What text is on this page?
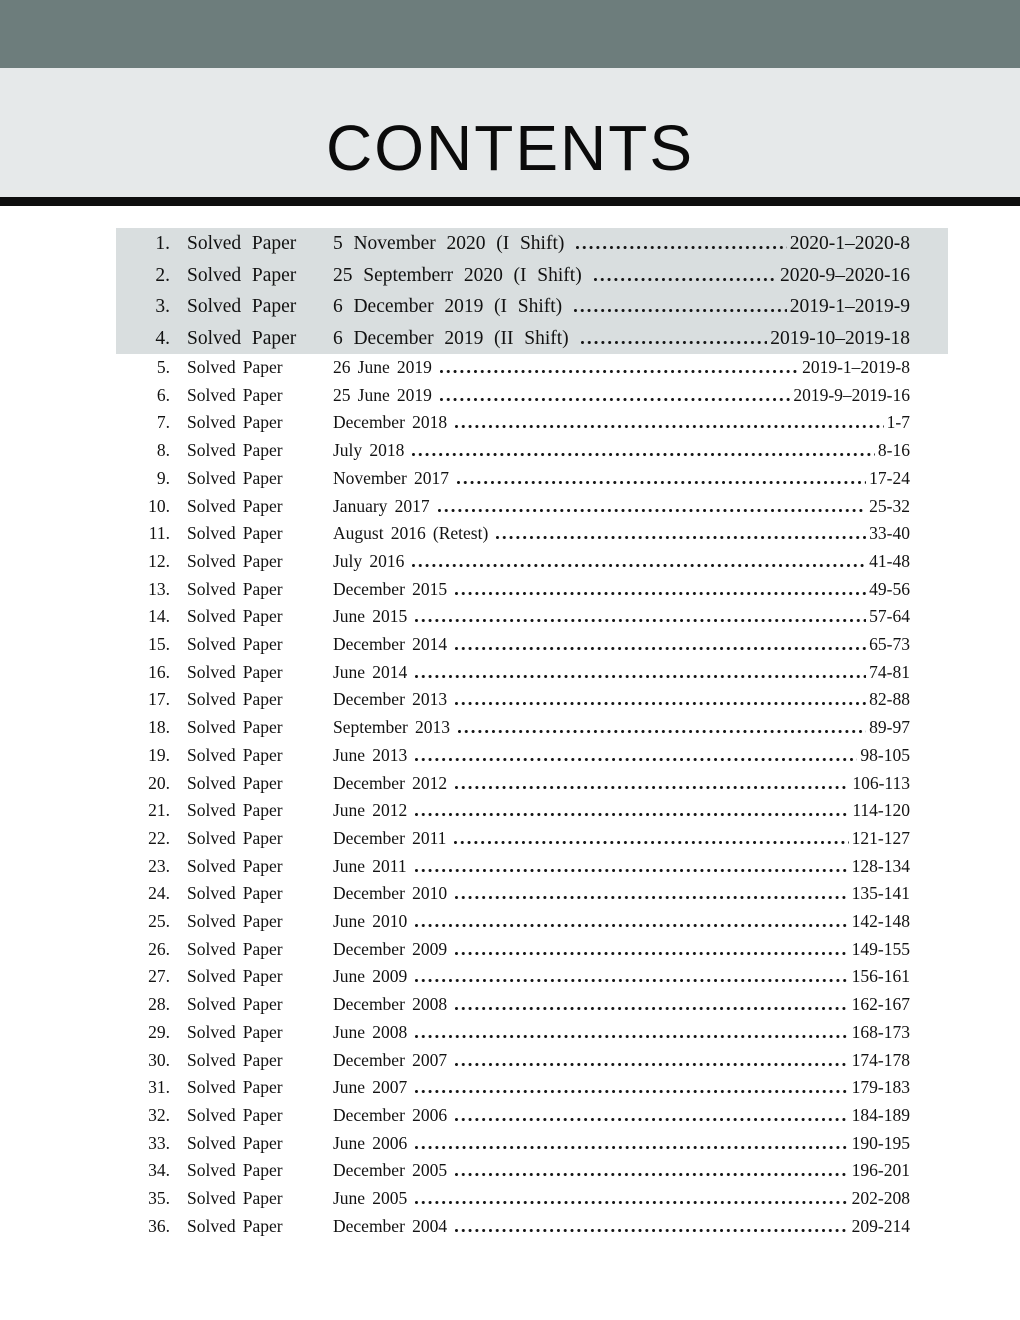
CONTENTS
1. Solved Paper	5 November 2020 (I Shift)	2020-1–2020-8
2. Solved Paper	25 Septemberr 2020 (I Shift)	2020-9–2020-16
3. Solved Paper	6 December 2019 (I Shift)	2019-1–2019-9
4. Solved Paper	6 December 2019 (II Shift)	2019-10–2019-18
5. Solved Paper	26 June 2019	2019-1–2019-8
6. Solved Paper	25 June 2019	2019-9–2019-16
7. Solved Paper	December 2018	1-7
8. Solved Paper	July 2018	8-16
9. Solved Paper	November 2017	17-24
10. Solved Paper	January 2017	25-32
11. Solved Paper	August 2016 (Retest)	33-40
12. Solved Paper	July 2016	41-48
13. Solved Paper	December 2015	49-56
14. Solved Paper	June 2015	57-64
15. Solved Paper	December 2014	65-73
16. Solved Paper	June 2014	74-81
17. Solved Paper	December 2013	82-88
18. Solved Paper	September 2013	89-97
19. Solved Paper	June 2013	98-105
20. Solved Paper	December 2012	106-113
21. Solved Paper	June 2012	114-120
22. Solved Paper	December 2011	121-127
23. Solved Paper	June 2011	128-134
24. Solved Paper	December 2010	135-141
25. Solved Paper	June 2010	142-148
26. Solved Paper	December 2009	149-155
27. Solved Paper	June 2009	156-161
28. Solved Paper	December 2008	162-167
29. Solved Paper	June 2008	168-173
30. Solved Paper	December 2007	174-178
31. Solved Paper	June 2007	179-183
32. Solved Paper	December 2006	184-189
33. Solved Paper	June 2006	190-195
34. Solved Paper	December 2005	196-201
35. Solved Paper	June 2005	202-208
36. Solved Paper	December 2004	209-214
